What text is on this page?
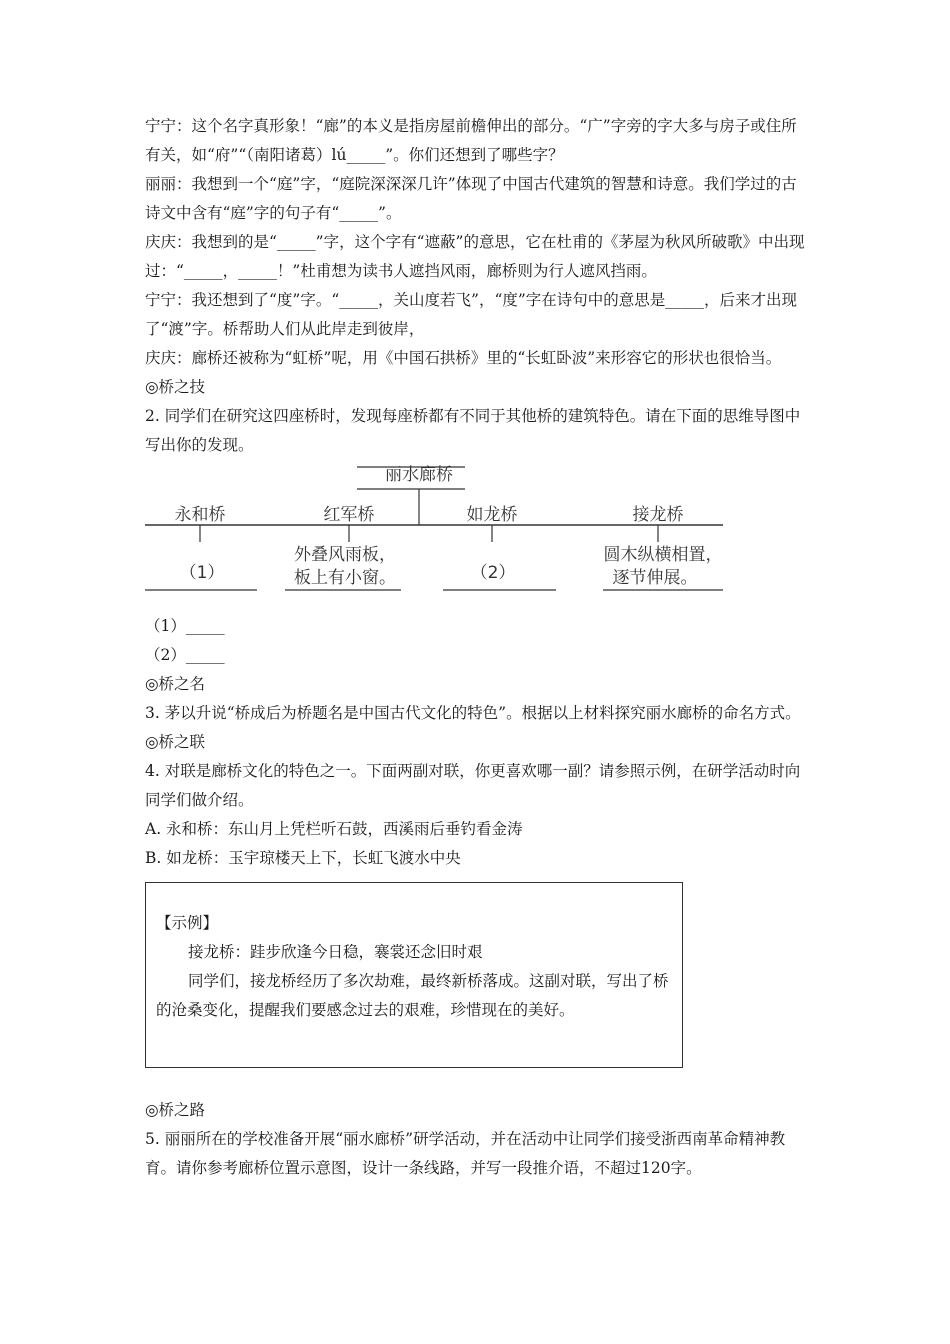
宁宁：这个名字真形象！“廊”的本义是指房屋前檐伸出的部分。“广”字旁的字大多与房子或住所有关，如“府”“（南阳诸葛）lú_____”。你们还想到了哪些字？

丽丽：我想到一个“庭”字，“庭院深深深几许”体现了中国古代建筑的智慧和诗意。我们学过的古诗文中含有“庭”字的句子有“_____”。

庆庆：我想到的是“_____”字，这个字有“遮蔽”的意思，它在杜甫的《茅屋为秋风所破歌》中出现过：“_____，_____！”杜甫想为读书人遮挡风雨，廊桥则为行人遮风挡雨。

宁宁：我还想到了“度”字。“_____，关山度若飞”，“度”字在诗句中的意思是_____，后来才出现了“渡”字。桥帮助人们从此岸走到彼岸，

庆庆：廊桥还被称为“虹桥”呢，用《中国石拱桥》里的“长虹卧波”来形容它的形状也很恰当。

◎桥之技

2. 同学们在研究这四座桥时，发现每座桥都有不同于其他桥的建筑特色。请在下面的思维导图中写出你的发现。

丽水廊桥
永和桥	红军桥	如龙桥	接龙桥
（1）
外叠风雨板，
板上有小窗。	（2）
圆木纵横相置，
逐节伸展。

（1）_____

（2）_____

◎桥之名

3. 茅以升说“桥成后为桥题名是中国古代文化的特色”。根据以上材料探究丽水廊桥的命名方式。

◎桥之联

4. 对联是廊桥文化的特色之一。下面两副对联，你更喜欢哪一副？请参照示例，在研学活动时向同学们做介绍。

A. 永和桥：东山月上凭栏听石鼓，西溪雨后垂钓看金涛

B. 如龙桥：玉宇琼楼天上下，长虹飞渡水中央

【示例】

接龙桥：跬步欣逢今日稳，褰裳还念旧时艰

同学们，接龙桥经历了多次劫难，最终新桥落成。这副对联，写出了桥的沧桑变化，提醒我们要感念过去的艰难，珍惜现在的美好。

◎桥之路

5. 丽丽所在的学校准备开展“丽水廊桥”研学活动，并在活动中让同学们接受浙西南革命精神教育。请你参考廊桥位置示意图，设计一条线路，并写一段推介语，不超过120字。
